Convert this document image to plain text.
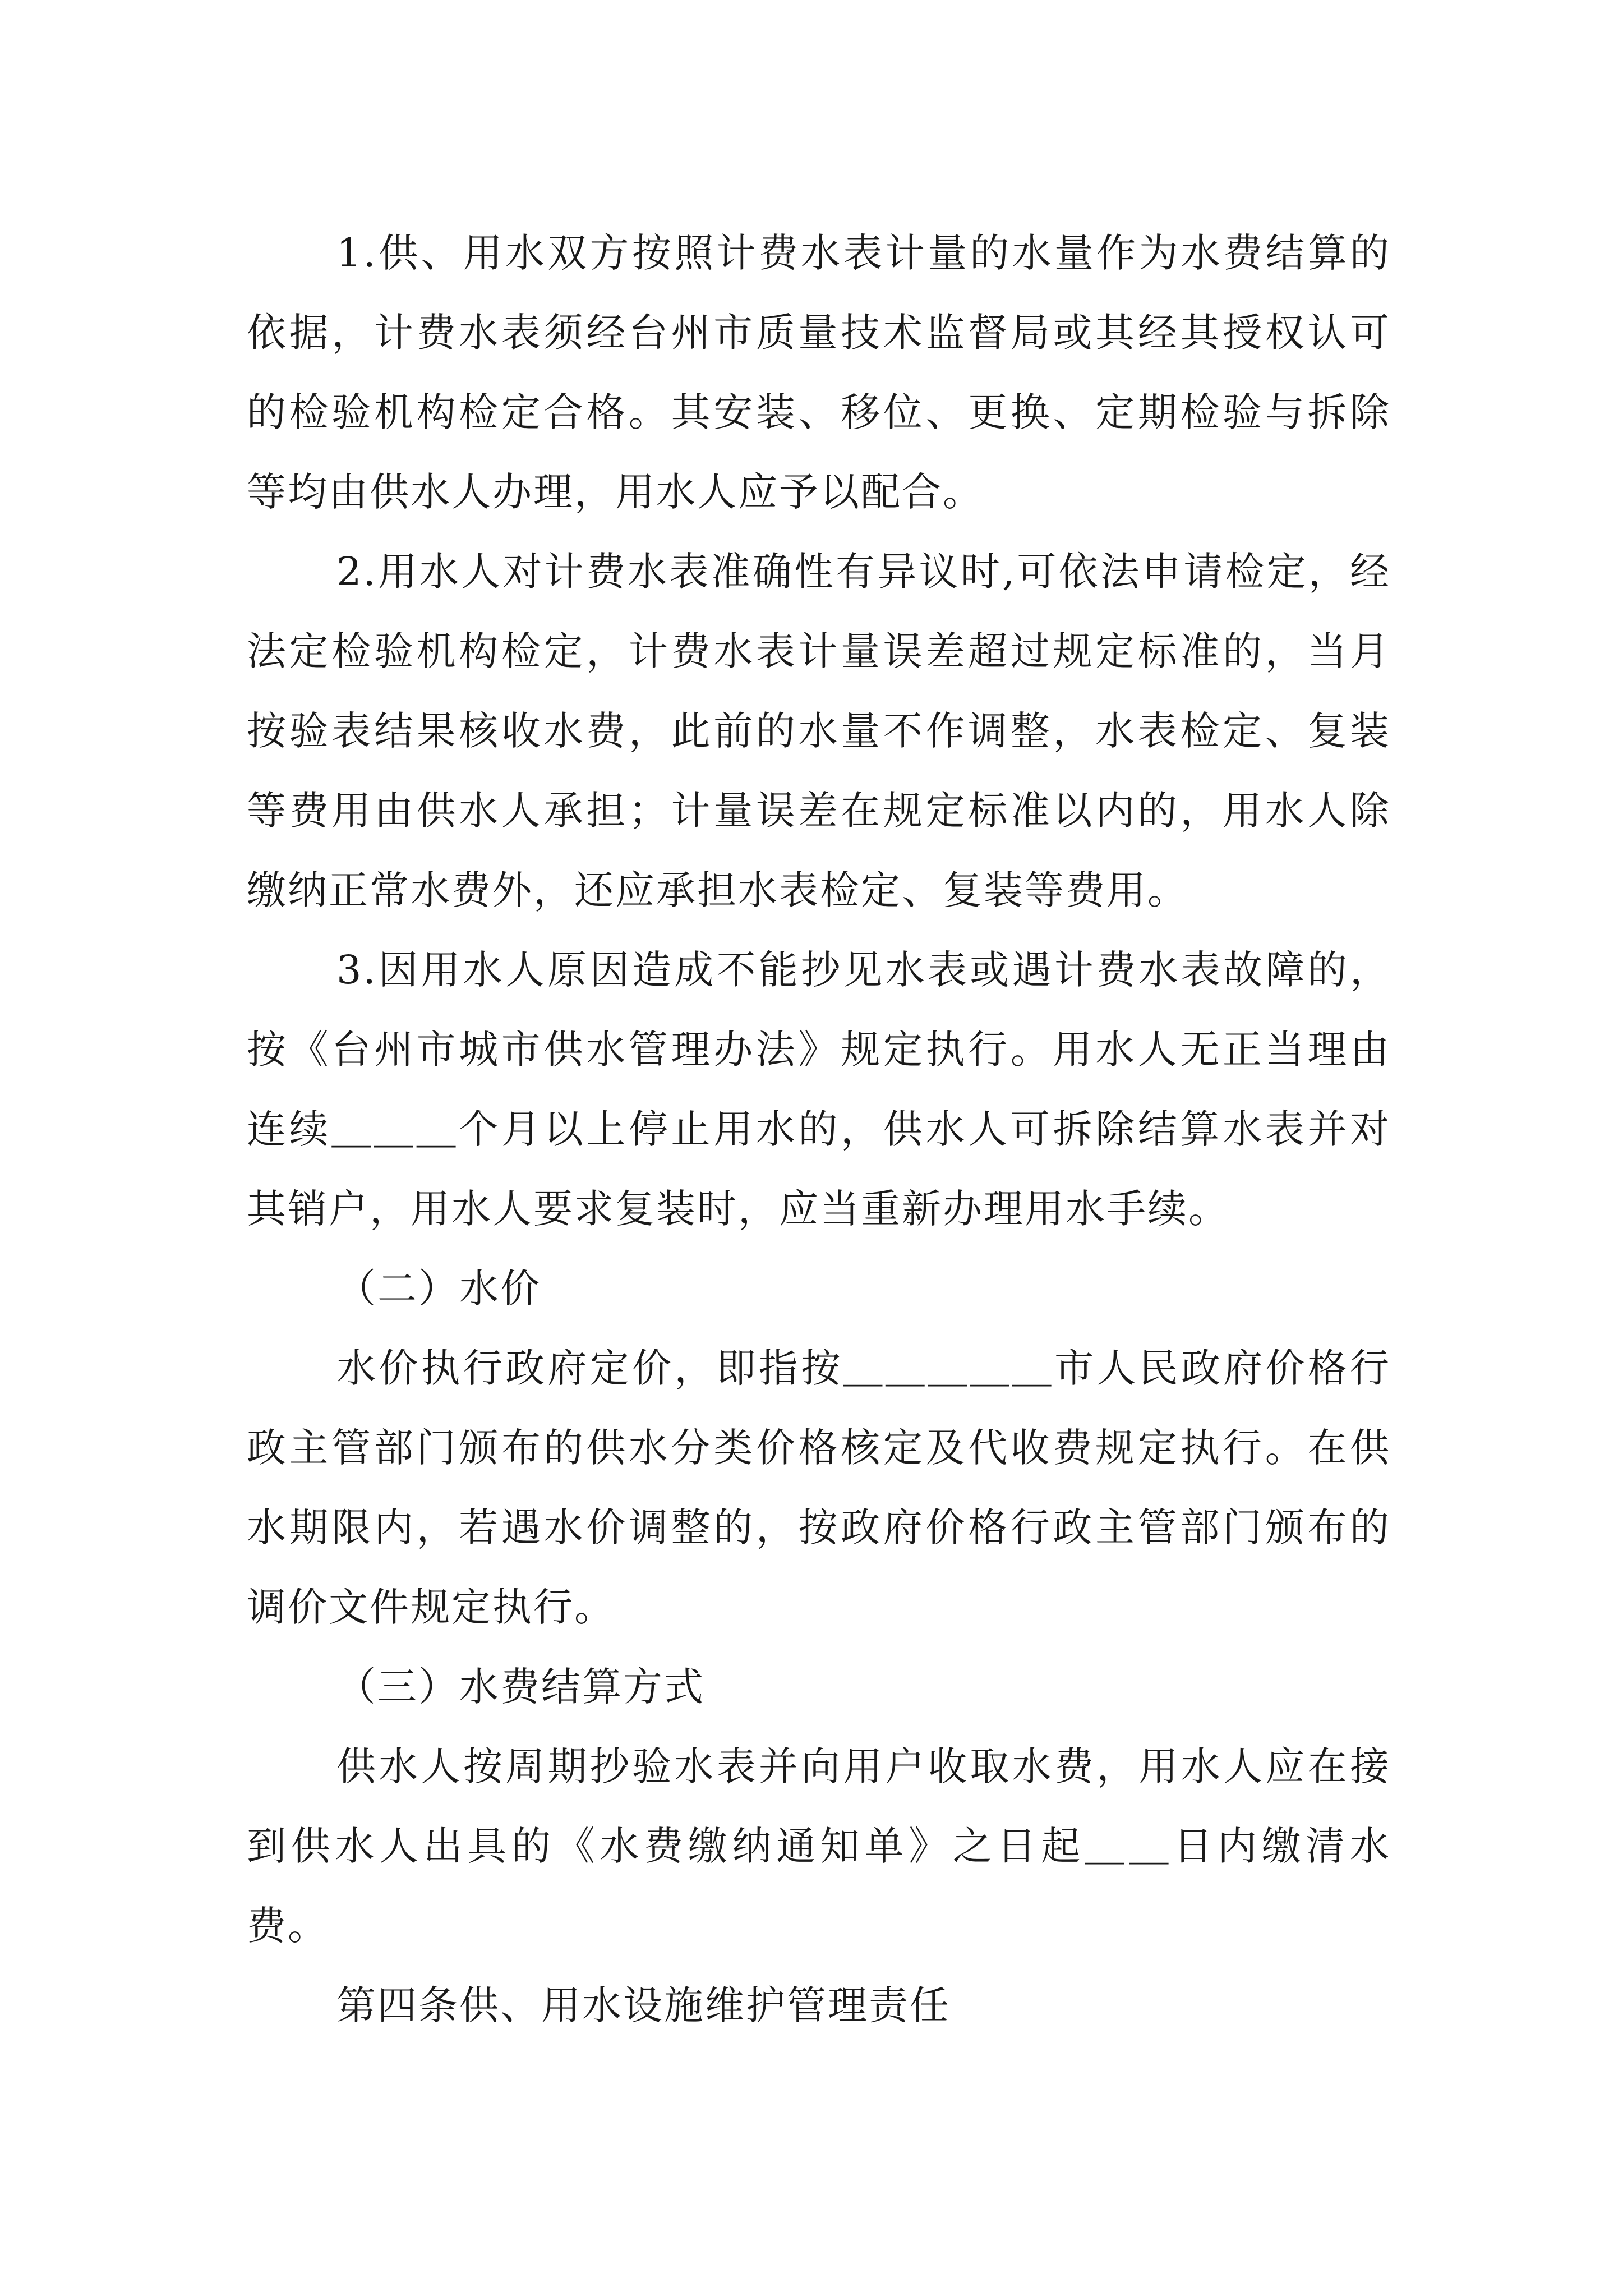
1.供、用水双方按照计费水表计量的水量作为水费结算的依据，计费水表须经台州市质量技术监督局或其经其授权认可的检验机构检定合格。其安装、移位、更换、定期检验与拆除等均由供水人办理，用水人应予以配合。

2.用水人对计费水表准确性有异议时,可依法申请检定，经法定检验机构检定，计费水表计量误差超过规定标准的，当月按验表结果核收水费，此前的水量不作调整，水表检定、复装等费用由供水人承担；计量误差在规定标准以内的，用水人除缴纳正常水费外，还应承担水表检定、复装等费用。

3.因用水人原因造成不能抄见水表或遇计费水表故障的，按《台州市城市供水管理办法》规定执行。用水人无正当理由连续＿＿＿个月以上停止用水的，供水人可拆除结算水表并对其销户，用水人要求复装时，应当重新办理用水手续。

（二）水价

水价执行政府定价，即指按＿＿＿＿＿市人民政府价格行政主管部门颁布的供水分类价格核定及代收费规定执行。在供水期限内，若遇水价调整的，按政府价格行政主管部门颁布的调价文件规定执行。

（三）水费结算方式

供水人按周期抄验水表并向用户收取水费，用水人应在接到供水人出具的《水费缴纳通知单》之日起＿＿日内缴清水费。

第四条供、用水设施维护管理责任
